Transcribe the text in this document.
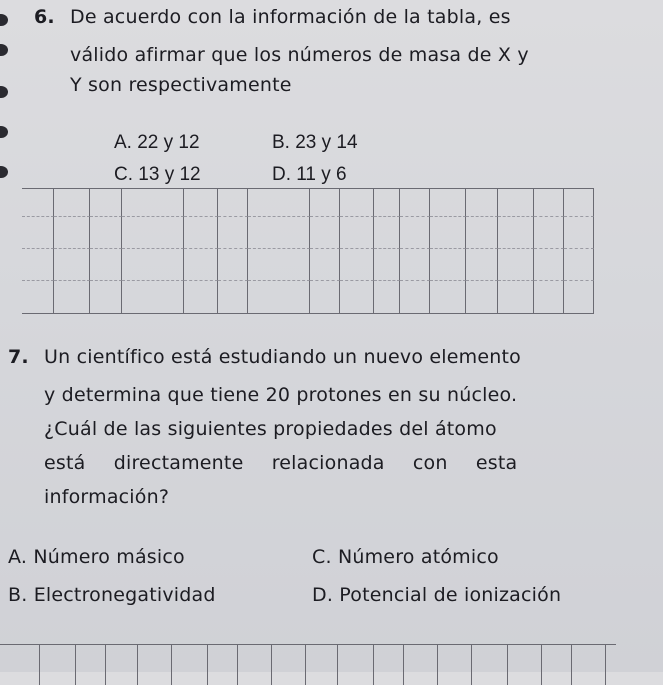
6. De acuerdo con la información de la tabla, es
válido afirmar que los números de masa de X y
Y son respectivamente
A. 22 y 12	B. 23 y 14
C. 13 y 12	D. 11 y 6
7. Un científico está estudiando un nuevo elemento
y determina que tiene 20 protones en su núcleo.
¿Cuál de las siguientes propiedades del átomo
está directamente relacionada con esta
información?
A. Número másico	C. Número atómico
B. Electronegatividad	D. Potencial de ionización
